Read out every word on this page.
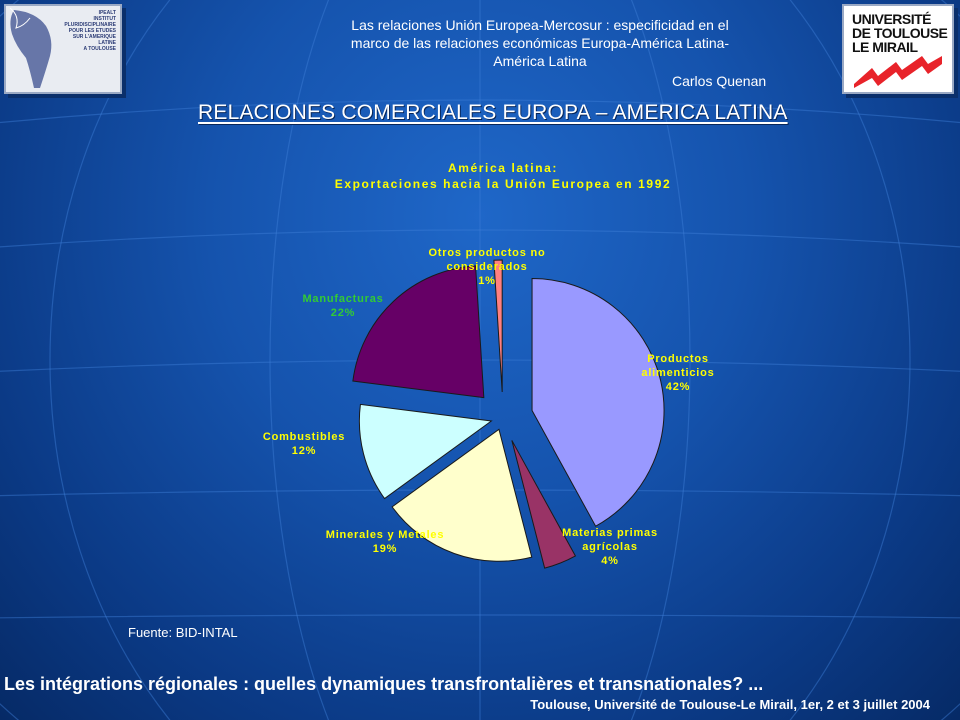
IPEALT
INSTITUT
PLURIDISCIPLINAIRE
POUR LES ETUDES
SUR L'AMERIQUE
LATINE
A TOULOUSE
UNIVERSITÉ
DE TOULOUSE
LE MIRAIL
Las relaciones Unión Europea-Mercosur : especificidad en el
marco de las relaciones económicas Europa-América Latina-
América Latina
Carlos Quenan
RELACIONES COMERCIALES EUROPA – AMERICA LATINA
América latina:
Exportaciones hacia la Unión Europea en 1992
Productos
alimenticios
42%
Materias primas
agrícolas
4%
Minerales y Metales
19%
Combustibles
12%
Manufacturas
22%
Otros productos no
considerados
1%
Fuente: BID-INTAL
Les intégrations régionales : quelles dynamiques transfrontalières et transnationales? ...
Toulouse, Université de Toulouse-Le Mirail, 1er, 2 et 3 juillet 2004
